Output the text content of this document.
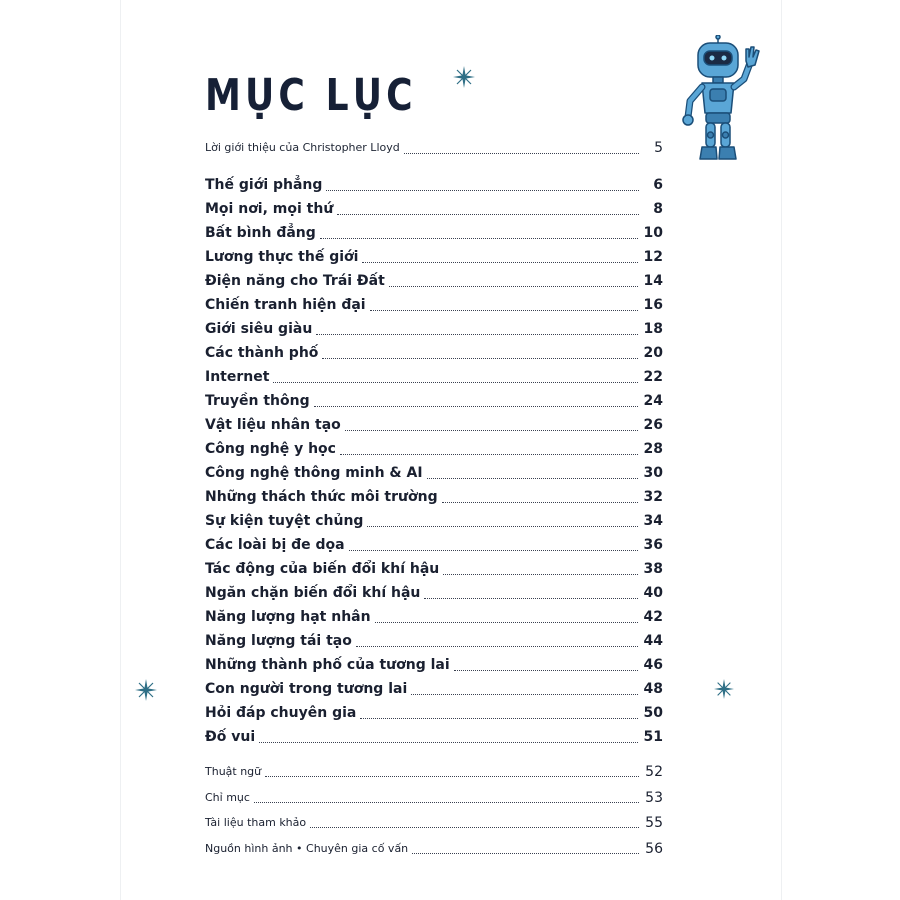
MỤC LỤC
Lời giới thiệu của Christopher Lloyd	5
Thế giới phẳng	6
Mọi nơi, mọi thứ	8
Bất bình đẳng	10
Lương thực thế giới	12
Điện năng cho Trái Đất	14
Chiến tranh hiện đại	16
Giới siêu giàu	18
Các thành phố	20
Internet	22
Truyền thông	24
Vật liệu nhân tạo	26
Công nghệ y học	28
Công nghệ thông minh & AI	30
Những thách thức môi trường	32
Sự kiện tuyệt chủng	34
Các loài bị đe dọa	36
Tác động của biến đổi khí hậu	38
Ngăn chặn biến đổi khí hậu	40
Năng lượng hạt nhân	42
Năng lượng tái tạo	44
Những thành phố của tương lai	46
Con người trong tương lai	48
Hỏi đáp chuyên gia	50
Đố vui	51
Thuật ngữ	52
Chỉ mục	53
Tài liệu tham khảo	55
Nguồn hình ảnh • Chuyên gia cố vấn	56
